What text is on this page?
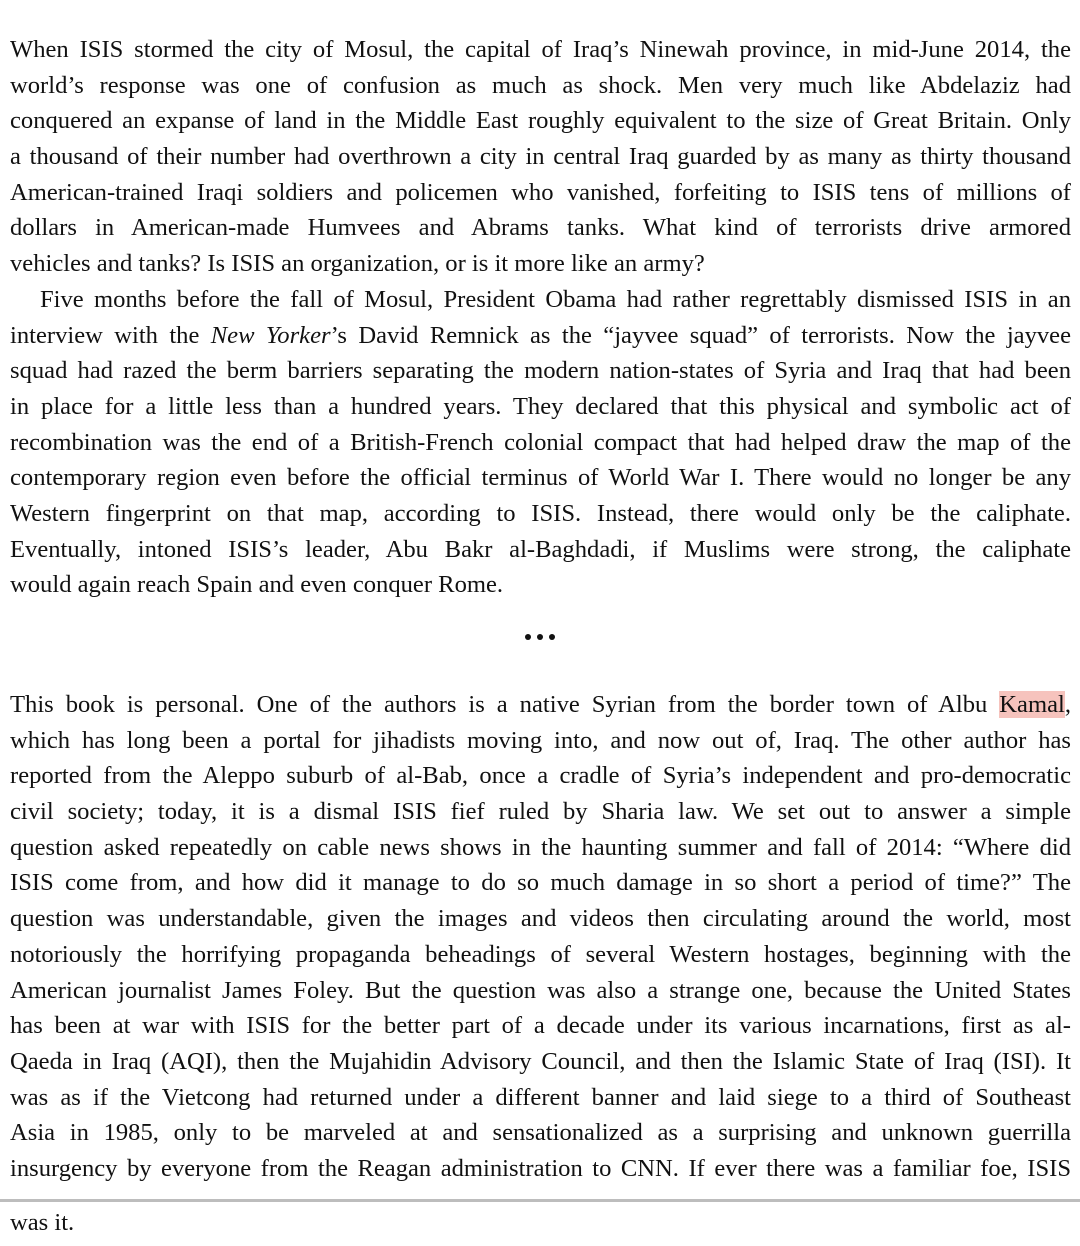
When ISIS stormed the city of Mosul, the capital of Iraq’s Ninewah province, in mid-June 2014, the
world’s response was one of confusion as much as shock. Men very much like Abdelaziz had
conquered an expanse of land in the Middle East roughly equivalent to the size of Great Britain. Only
a thousand of their number had overthrown a city in central Iraq guarded by as many as thirty thousand
American-trained Iraqi soldiers and policemen who vanished, forfeiting to ISIS tens of millions of
dollars in American-made Humvees and Abrams tanks. What kind of terrorists drive armored
vehicles and tanks? Is ISIS an organization, or is it more like an army?
Five months before the fall of Mosul, President Obama had rather regrettably dismissed ISIS in an
interview with the New Yorker’s David Remnick as the “jayvee squad” of terrorists. Now the jayvee
squad had razed the berm barriers separating the modern nation-states of Syria and Iraq that had been
in place for a little less than a hundred years. They declared that this physical and symbolic act of
recombination was the end of a British-French colonial compact that had helped draw the map of the
contemporary region even before the official terminus of World War I. There would no longer be any
Western fingerprint on that map, according to ISIS. Instead, there would only be the caliphate.
Eventually, intoned ISIS’s leader, Abu Bakr al-Baghdadi, if Muslims were strong, the caliphate
would again reach Spain and even conquer Rome.
This book is personal. One of the authors is a native Syrian from the border town of Albu Kamal,
which has long been a portal for jihadists moving into, and now out of, Iraq. The other author has
reported from the Aleppo suburb of al-Bab, once a cradle of Syria’s independent and pro-democratic
civil society; today, it is a dismal ISIS fief ruled by Sharia law. We set out to answer a simple
question asked repeatedly on cable news shows in the haunting summer and fall of 2014: “Where did
ISIS come from, and how did it manage to do so much damage in so short a period of time?” The
question was understandable, given the images and videos then circulating around the world, most
notoriously the horrifying propaganda beheadings of several Western hostages, beginning with the
American journalist James Foley. But the question was also a strange one, because the United States
has been at war with ISIS for the better part of a decade under its various incarnations, first as al-
Qaeda in Iraq (AQI), then the Mujahidin Advisory Council, and then the Islamic State of Iraq (ISI). It
was as if the Vietcong had returned under a different banner and laid siege to a third of Southeast
Asia in 1985, only to be marveled at and sensationalized as a surprising and unknown guerrilla
insurgency by everyone from the Reagan administration to CNN. If ever there was a familiar foe, ISIS
was it.
